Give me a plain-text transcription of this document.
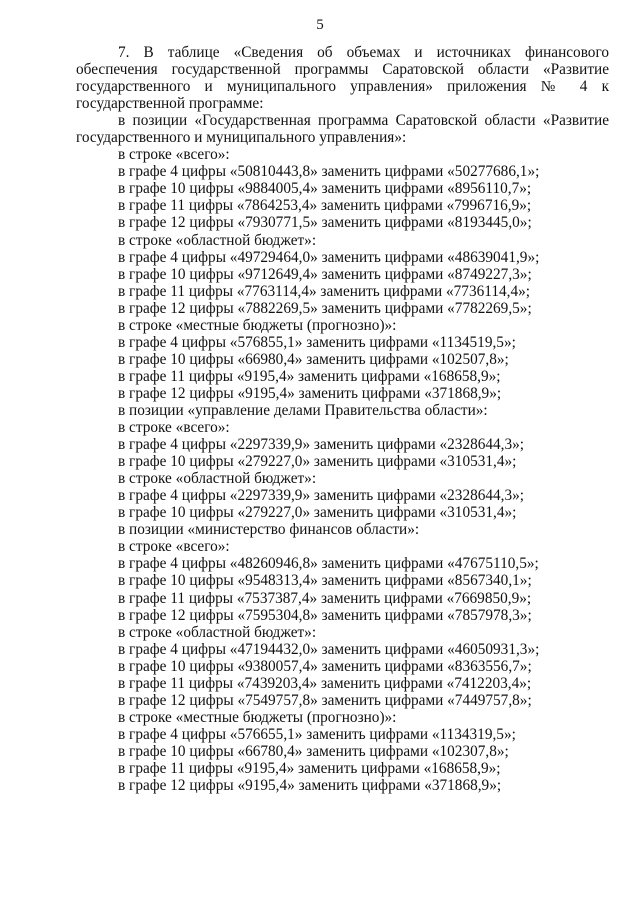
5

7. В таблице «Сведения об объемах и источниках финансового обеспечения государственной программы Саратовской области «Развитие государственного и муниципального управления» приложения № 4 к государственной программе:

в позиции «Государственная программа Саратовской области «Развитие государственного и муниципального управления»:

в строке «всего»:

в графе 4 цифры «50810443,8» заменить цифрами «50277686,1»;

в графе 10 цифры «9884005,4» заменить цифрами «8956110,7»;

в графе 11 цифры «7864253,4» заменить цифрами «7996716,9»;

в графе 12 цифры «7930771,5» заменить цифрами «8193445,0»;

в строке «областной бюджет»:

в графе 4 цифры «49729464,0» заменить цифрами «48639041,9»;

в графе 10 цифры «9712649,4» заменить цифрами «8749227,3»;

в графе 11 цифры «7763114,4» заменить цифрами «7736114,4»;

в графе 12 цифры «7882269,5» заменить цифрами «7782269,5»;

в строке «местные бюджеты (прогнозно)»:

в графе 4 цифры «576855,1» заменить цифрами «1134519,5»;

в графе 10 цифры «66980,4» заменить цифрами «102507,8»;

в графе 11 цифры «9195,4» заменить цифрами «168658,9»;

в графе 12 цифры «9195,4» заменить цифрами «371868,9»;

в позиции «управление делами Правительства области»:

в строке «всего»:

в графе 4 цифры «2297339,9» заменить цифрами «2328644,3»;

в графе 10 цифры «279227,0» заменить цифрами «310531,4»;

в строке «областной бюджет»:

в графе 4 цифры «2297339,9» заменить цифрами «2328644,3»;

в графе 10 цифры «279227,0» заменить цифрами «310531,4»;

в позиции «министерство финансов области»:

в строке «всего»:

в графе 4 цифры «48260946,8» заменить цифрами «47675110,5»;

в графе 10 цифры «9548313,4» заменить цифрами «8567340,1»;

в графе 11 цифры «7537387,4» заменить цифрами «7669850,9»;

в графе 12 цифры «7595304,8» заменить цифрами «7857978,3»;

в строке «областной бюджет»:

в графе 4 цифры «47194432,0» заменить цифрами «46050931,3»;

в графе 10 цифры «9380057,4» заменить цифрами «8363556,7»;

в графе 11 цифры «7439203,4» заменить цифрами «7412203,4»;

в графе 12 цифры «7549757,8» заменить цифрами «7449757,8»;

в строке «местные бюджеты (прогнозно)»:

в графе 4 цифры «576655,1» заменить цифрами «1134319,5»;

в графе 10 цифры «66780,4» заменить цифрами «102307,8»;

в графе 11 цифры «9195,4» заменить цифрами «168658,9»;

в графе 12 цифры «9195,4» заменить цифрами «371868,9»;
